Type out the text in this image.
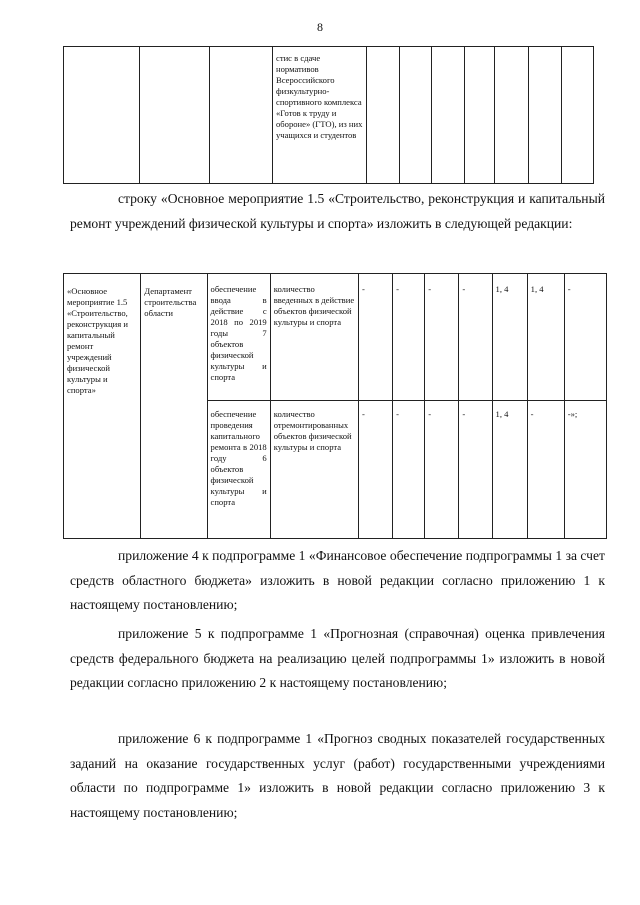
8
			стис в сдаче нормативов Всероссийского физкультурно-спортивного комплекса «Готов к труду и обороне» (ГТО), из них учащихся и студентов							

строку «Основное мероприятие 1.5 «Строительство, реконструкция и капитальный ремонт учреждений физической культуры и спорта» изложить в следующей редакции:

«Основное мероприятие 1.5 «Строительство, реконструкция и капитальный ремонт учреждений физической культуры и спорта»	Департамент строительства области	обеспечение ввода в действие с 2018 по 2019 годы 7 объектов физической культуры и спорта	количество введенных в действие объектов физической культуры и спорта	-	-	-	-	1, 4	1, 4	-
		обеспечение проведения капитального ремонта в 2018 году 6 объектов физической культуры и спорта	количество отремонтированных объектов физической культуры и спорта	-	-	-	-	1, 4	-	-»;

приложение 4 к подпрограмме 1 «Финансовое обеспечение подпрограммы 1 за счет средств областного бюджета» изложить в новой редакции согласно приложению 1 к настоящему постановлению;

приложение 5 к подпрограмме 1 «Прогнозная (справочная) оценка привлечения средств федерального бюджета на реализацию целей подпрограммы 1» изложить в новой редакции согласно приложению 2 к настоящему постановлению;

приложение 6 к подпрограмме 1 «Прогноз сводных показателей государственных заданий на оказание государственных услуг (работ) государственными учреждениями области по подпрограмме 1» изложить в новой редакции согласно приложению 3 к настоящему постановлению;
